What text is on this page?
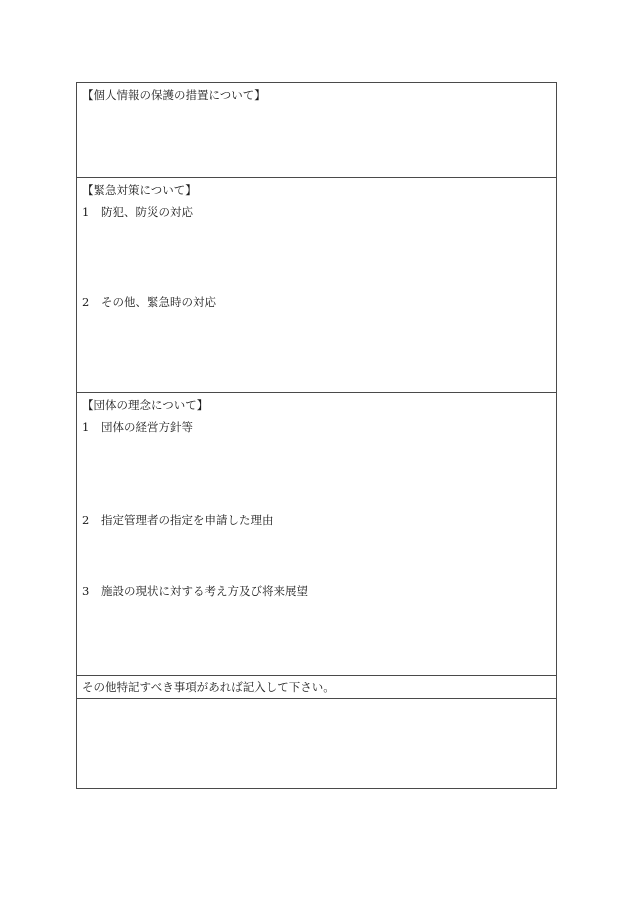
【個人情報の保護の措置について】
【緊急対策について】

1 防犯、防災の対応

2 その他、緊急時の対応

【団体の理念について】

1 団体の経営方針等

2 指定管理者の指定を申請した理由

3 施設の現状に対する考え方及び将来展望

その他特記すべき事項があれば記入して下さい。
